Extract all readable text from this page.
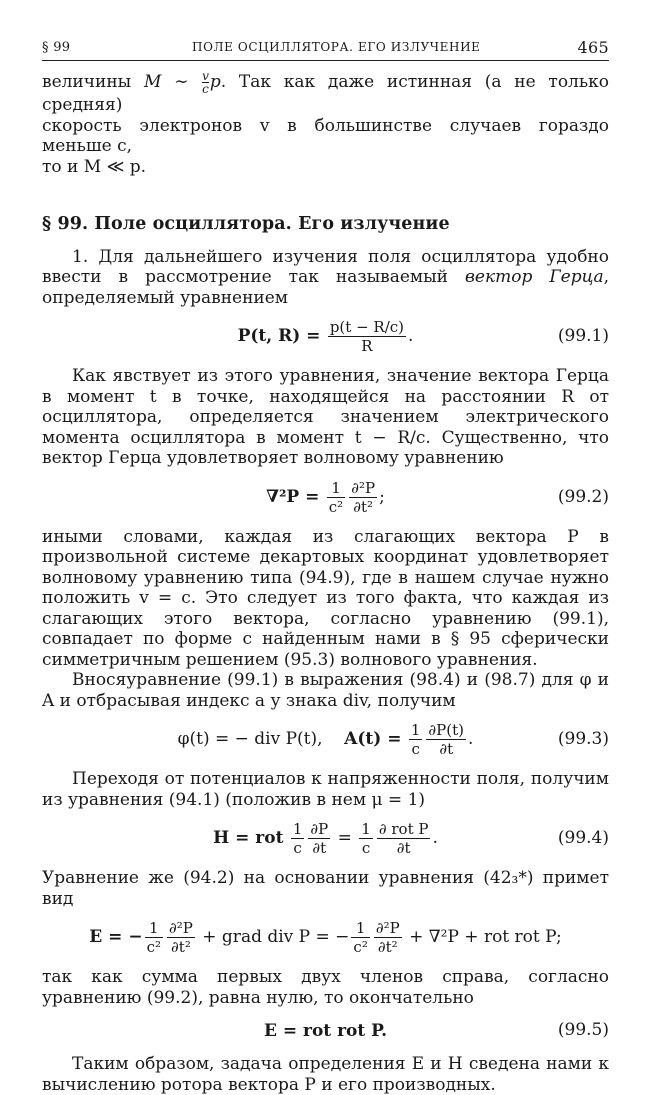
§ 99	ПОЛЕ ОСЦИЛЛЯТОРА. ЕГО ИЗЛУЧЕНИЕ	465

величины M ∼ $\frac{v}{c} p$. Так как даже истинная (а не только средняя)

скорость электронов v в большинстве случаев гораздо меньше c,

то и M ≪ p.

§ 99. Поле осциллятора. Его излучение

1. Для дальнейшего изучения поля осциллятора удобно ввести в рассмотрение так называемый вектор Герца, определяемый уравнением

P(t, $R) = \frac{p(t - R/c)}{R}$ .	(99.1)

Как явствует из этого уравнения, значение вектора Герца в момент t в точке, находящейся на расстоянии R от осциллятора, определяется значением электрического момента осциллятора в момент t − R/c. Существенно, что вектор Герца удовлетворяет волновому уравнению

$\nabla^2P = \frac{1}{\text{c²}} \frac{\text{∂²P}}{\text{∂t²}}$ ;	(99.2)

иными словами, каждая из слагающих вектора P в произвольной системе декартовых координат удовлетворяет волновому уравнению типа (94.9), где в нашем случае нужно положить v = c. Это следует из того факта, что каждая из слагающих этого вектора, согласно уравнению (99.1), совпадает по форме с найденным нами в § 95 сферически симметричным решением (95.3) волнового уравнения.

Вносяуравнение (99.1) в выражения (98.4) и (98.7) для φ и A и отбрасывая индекс a у знака div, получим

φ(t) = − div P(t), $A(t) = \frac{1}{c} \frac{\partial P(t)}{\partial t}$ .	(99.3)

Переходя от потенциалов к напряженности поля, получим из уравнения (94.1) (положив в нем μ = 1)

H = rot $\frac{1}{c} \frac{\partial P}{\partial t} = \frac{1}{c} \frac{\text{∂ rot P}}{\partial t}$ .	(99.4)

Уравнение же (94.2) на основании уравнения (42₃*) примет вид

E = − $\frac{1}{\text{c²}} \frac{\text{∂²P}}{\text{∂t²}}$ + grad div P = − $\frac{1}{\text{c²}} \frac{\text{∂²P}}{\text{∂t²}} + \nabla^2P$ + rot rot P;

так как сумма первых двух членов справа, согласно уравнению (99.2), равна нулю, то окончательно

E = rot rot P.	(99.5)

Таким образом, задача определения E и H сведена нами к вычислению ротора вектора P и его производных.
